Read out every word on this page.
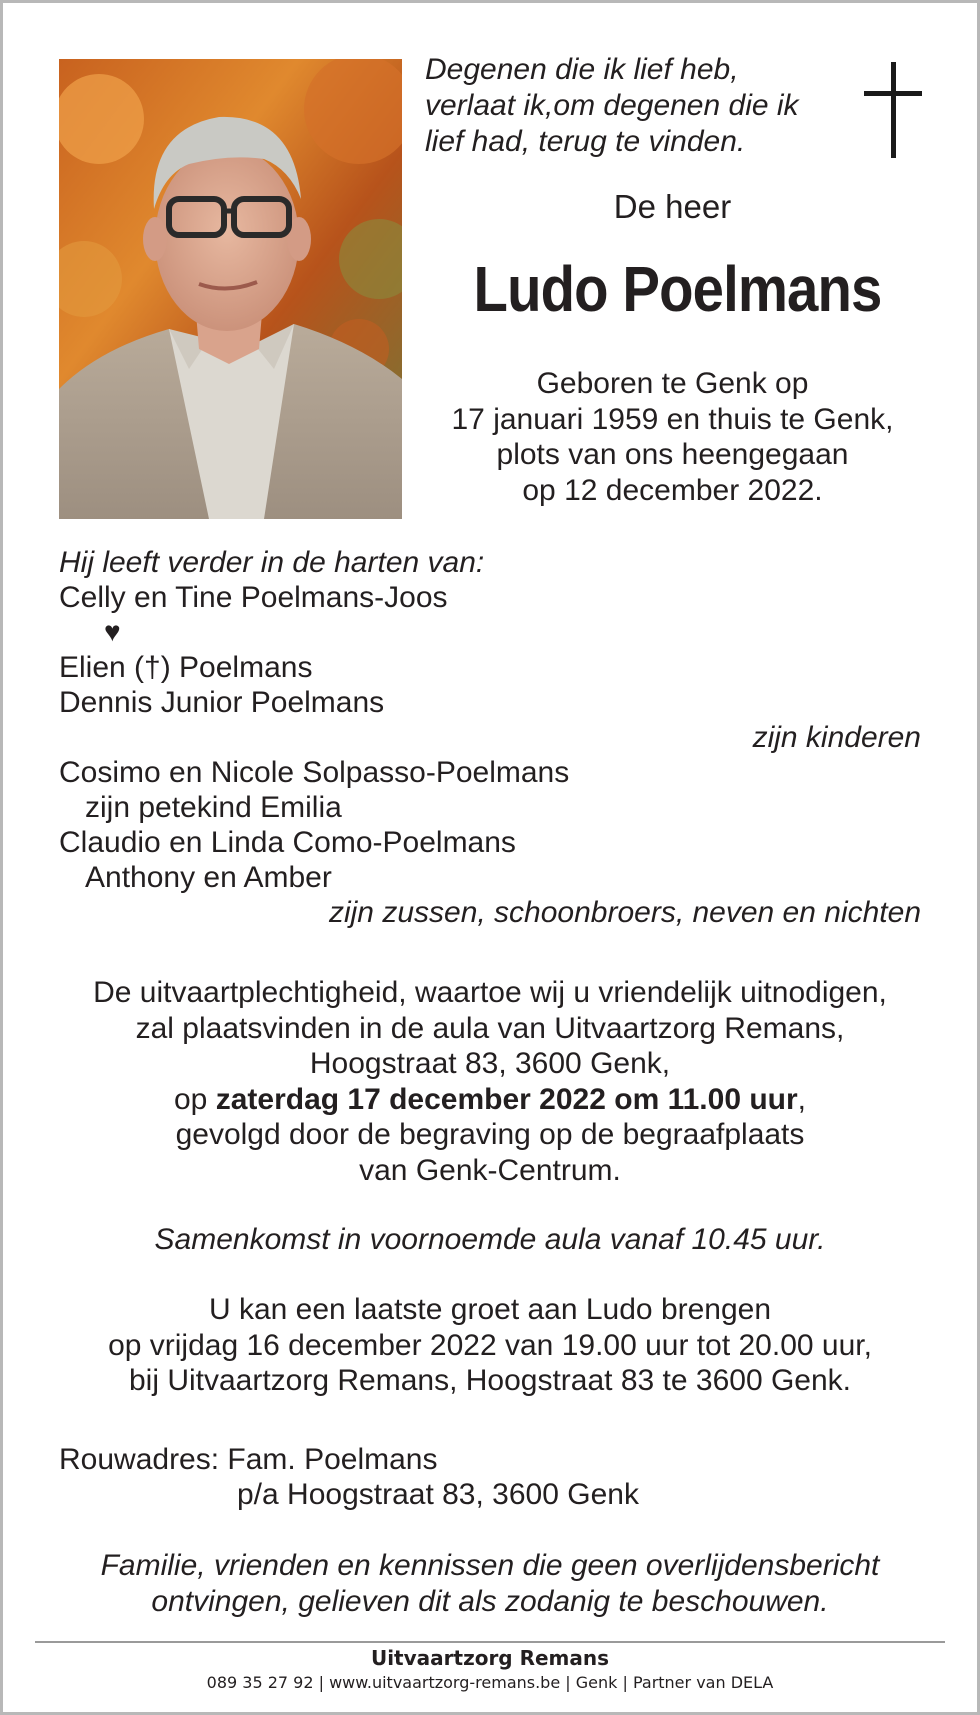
Degenen die ik lief heb,
verlaat ik,om degenen die ik
lief had, terug te vinden.
De heer
Ludo Poelmans
Geboren te Genk op
17 januari 1959 en thuis te Genk,
plots van ons heengegaan
op 12 december 2022.
Hij leeft verder in de harten van:
Celly en Tine Poelmans-Joos
♥
Elien (†) Poelmans
Dennis Junior Poelmans
zijn kinderen
Cosimo en Nicole Solpasso-Poelmans
zijn petekind Emilia
Claudio en Linda Como-Poelmans
Anthony en Amber
zijn zussen, schoonbroers, neven en nichten
De uitvaartplechtigheid, waartoe wij u vriendelijk uitnodigen,
zal plaatsvinden in de aula van Uitvaartzorg Remans,
Hoogstraat 83, 3600 Genk,
op zaterdag 17 december 2022 om 11.00 uur,
gevolgd door de begraving op de begraafplaats
van Genk-Centrum.
Samenkomst in voornoemde aula vanaf 10.45 uur.
U kan een laatste groet aan Ludo brengen
op vrijdag 16 december 2022 van 19.00 uur tot 20.00 uur,
bij Uitvaartzorg Remans, Hoogstraat 83 te 3600 Genk.
Rouwadres: Fam. Poelmans
p/a Hoogstraat 83, 3600 Genk
Familie, vrienden en kennissen die geen overlijdensbericht
ontvingen, gelieven dit als zodanig te beschouwen.
Uitvaartzorg Remans
089 35 27 92 | www.uitvaartzorg-remans.be | Genk | Partner van DELA
